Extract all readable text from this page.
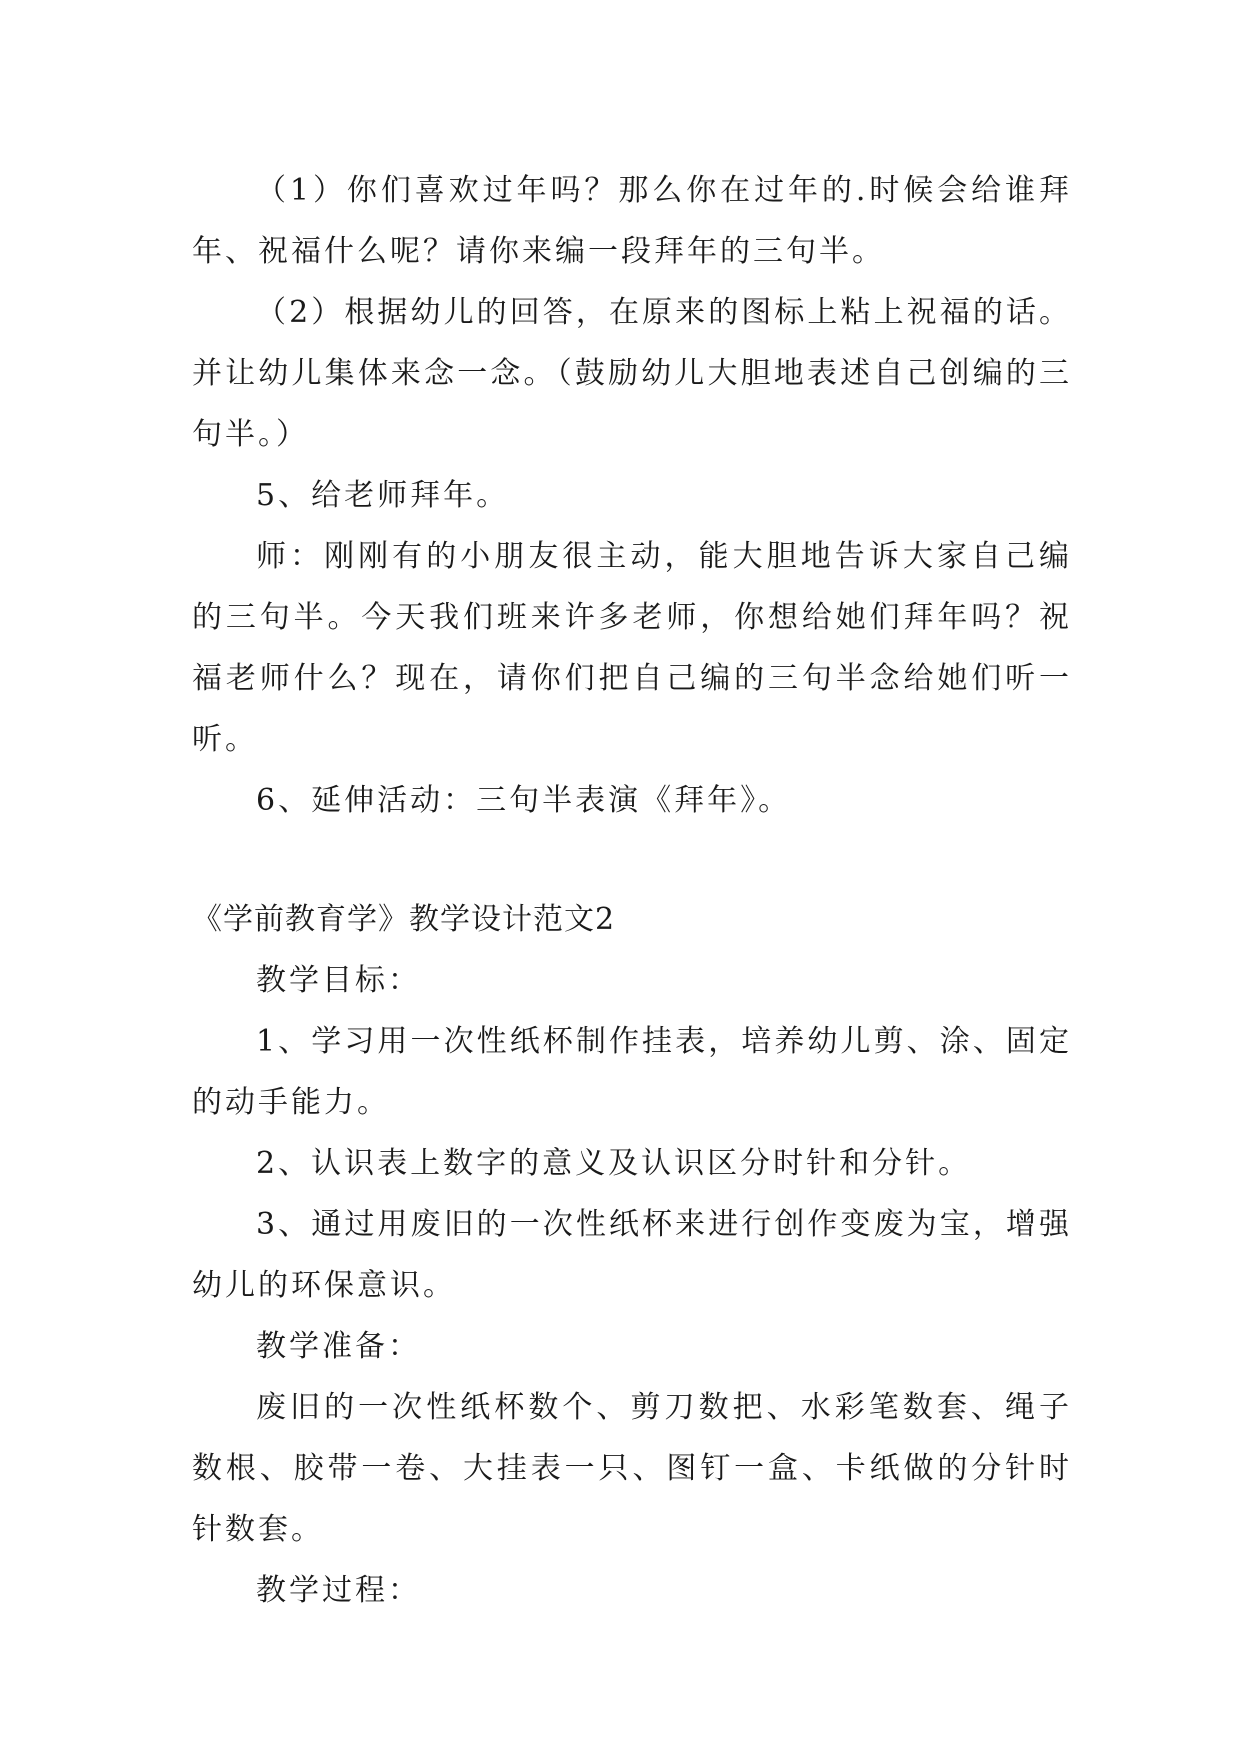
（1）你们喜欢过年吗？那么你在过年的.时候会给谁拜年、祝福什么呢？请你来编一段拜年的三句半。

（2）根据幼儿的回答，在原来的图标上粘上祝福的话。并让幼儿集体来念一念。（鼓励幼儿大胆地表述自己创编的三句半。）

5、给老师拜年。

师：刚刚有的小朋友很主动，能大胆地告诉大家自己编的三句半。今天我们班来许多老师，你想给她们拜年吗？祝福老师什么？现在，请你们把自己编的三句半念给她们听一听。

6、延伸活动：三句半表演《拜年》。

《学前教育学》教学设计范文2

教学目标：

1、学习用一次性纸杯制作挂表，培养幼儿剪、涂、固定的动手能力。

2、认识表上数字的意义及认识区分时针和分针。

3、通过用废旧的一次性纸杯来进行创作变废为宝，增强幼儿的环保意识。

教学准备：

废旧的一次性纸杯数个、剪刀数把、水彩笔数套、绳子数根、胶带一卷、大挂表一只、图钉一盒、卡纸做的分针时针数套。

教学过程：
